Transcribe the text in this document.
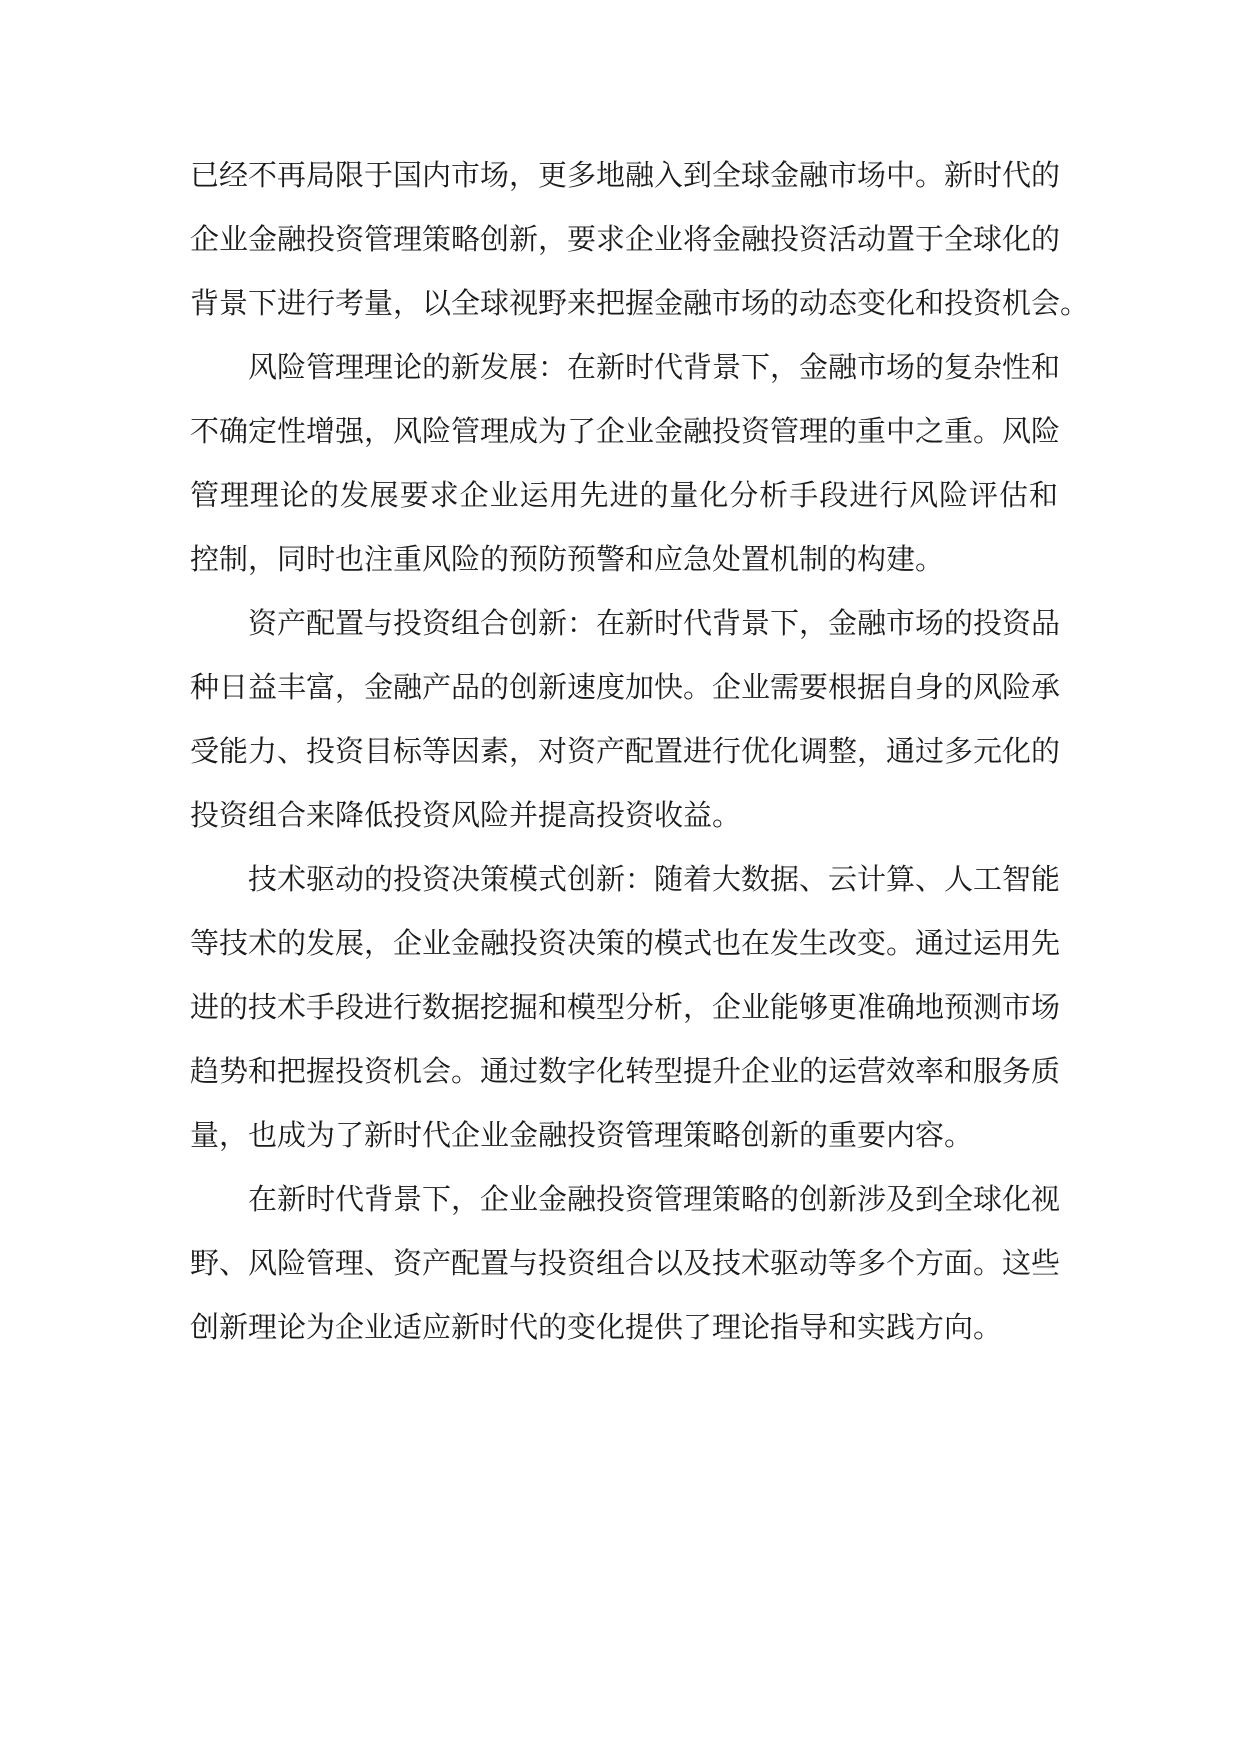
已经不再局限于国内市场，更多地融入到全球金融市场中。新时代的
企业金融投资管理策略创新，要求企业将金融投资活动置于全球化的
背景下进行考量，以全球视野来把握金融市场的动态变化和投资机会。

风险管理理论的新发展：在新时代背景下，金融市场的复杂性和
不确定性增强，风险管理成为了企业金融投资管理的重中之重。风险
管理理论的发展要求企业运用先进的量化分析手段进行风险评估和
控制，同时也注重风险的预防预警和应急处置机制的构建。

资产配置与投资组合创新：在新时代背景下，金融市场的投资品
种日益丰富，金融产品的创新速度加快。企业需要根据自身的风险承
受能力、投资目标等因素，对资产配置进行优化调整，通过多元化的
投资组合来降低投资风险并提高投资收益。

技术驱动的投资决策模式创新：随着大数据、云计算、人工智能
等技术的发展，企业金融投资决策的模式也在发生改变。通过运用先
进的技术手段进行数据挖掘和模型分析，企业能够更准确地预测市场
趋势和把握投资机会。通过数字化转型提升企业的运营效率和服务质
量，也成为了新时代企业金融投资管理策略创新的重要内容。

在新时代背景下，企业金融投资管理策略的创新涉及到全球化视
野、风险管理、资产配置与投资组合以及技术驱动等多个方面。这些
创新理论为企业适应新时代的变化提供了理论指导和实践方向。
